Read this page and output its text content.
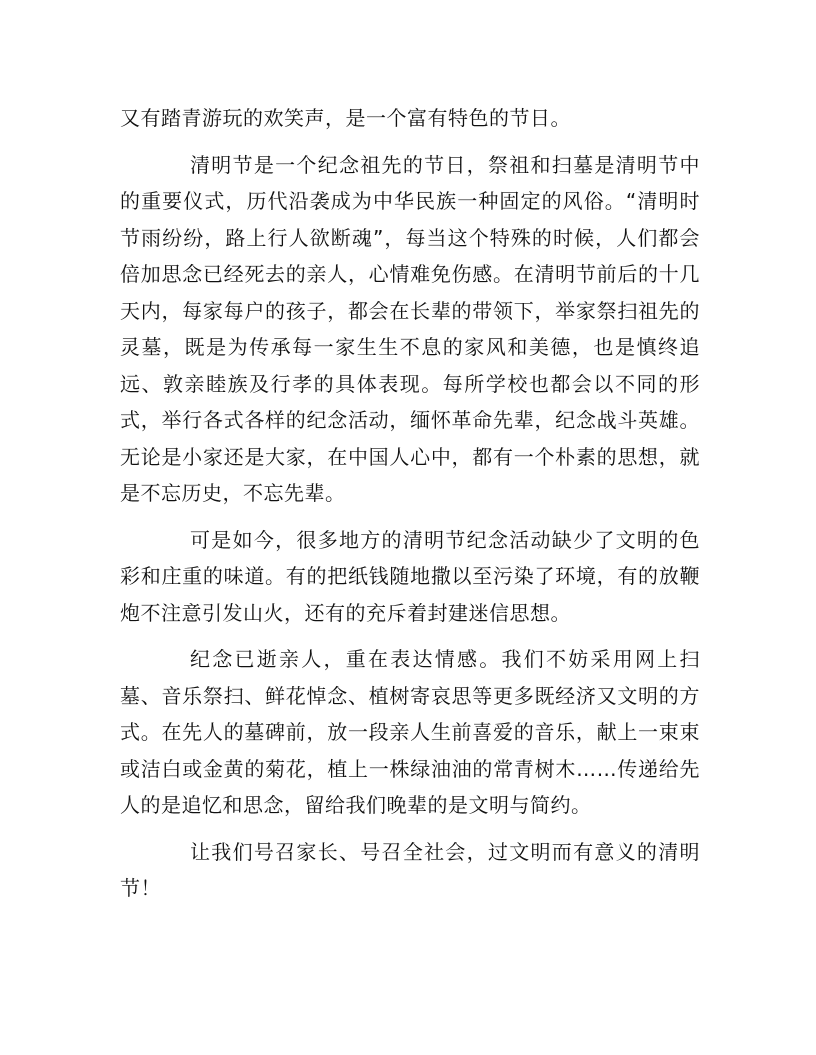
又有踏青游玩的欢笑声，是一个富有特色的节日。

清明节是一个纪念祖先的节日，祭祖和扫墓是清明节中的重要仪式，历代沿袭成为中华民族一种固定的风俗。“清明时节雨纷纷，路上行人欲断魂”，每当这个特殊的时候，人们都会倍加思念已经死去的亲人，心情难免伤感。在清明节前后的十几天内，每家每户的孩子，都会在长辈的带领下，举家祭扫祖先的灵墓，既是为传承每一家生生不息的家风和美德，也是慎终追远、敦亲睦族及行孝的具体表现。每所学校也都会以不同的形式，举行各式各样的纪念活动，缅怀革命先辈，纪念战斗英雄。无论是小家还是大家，在中国人心中，都有一个朴素的思想，就是不忘历史，不忘先辈。

可是如今，很多地方的清明节纪念活动缺少了文明的色彩和庄重的味道。有的把纸钱随地撒以至污染了环境，有的放鞭炮不注意引发山火，还有的充斥着封建迷信思想。

纪念已逝亲人，重在表达情感。我们不妨采用网上扫墓、音乐祭扫、鲜花悼念、植树寄哀思等更多既经济又文明的方式。在先人的墓碑前，放一段亲人生前喜爱的音乐，献上一束束或洁白或金黄的菊花，植上一株绿油油的常青树木……传递给先人的是追忆和思念，留给我们晚辈的是文明与简约。

让我们号召家长、号召全社会，过文明而有意义的清明节！
